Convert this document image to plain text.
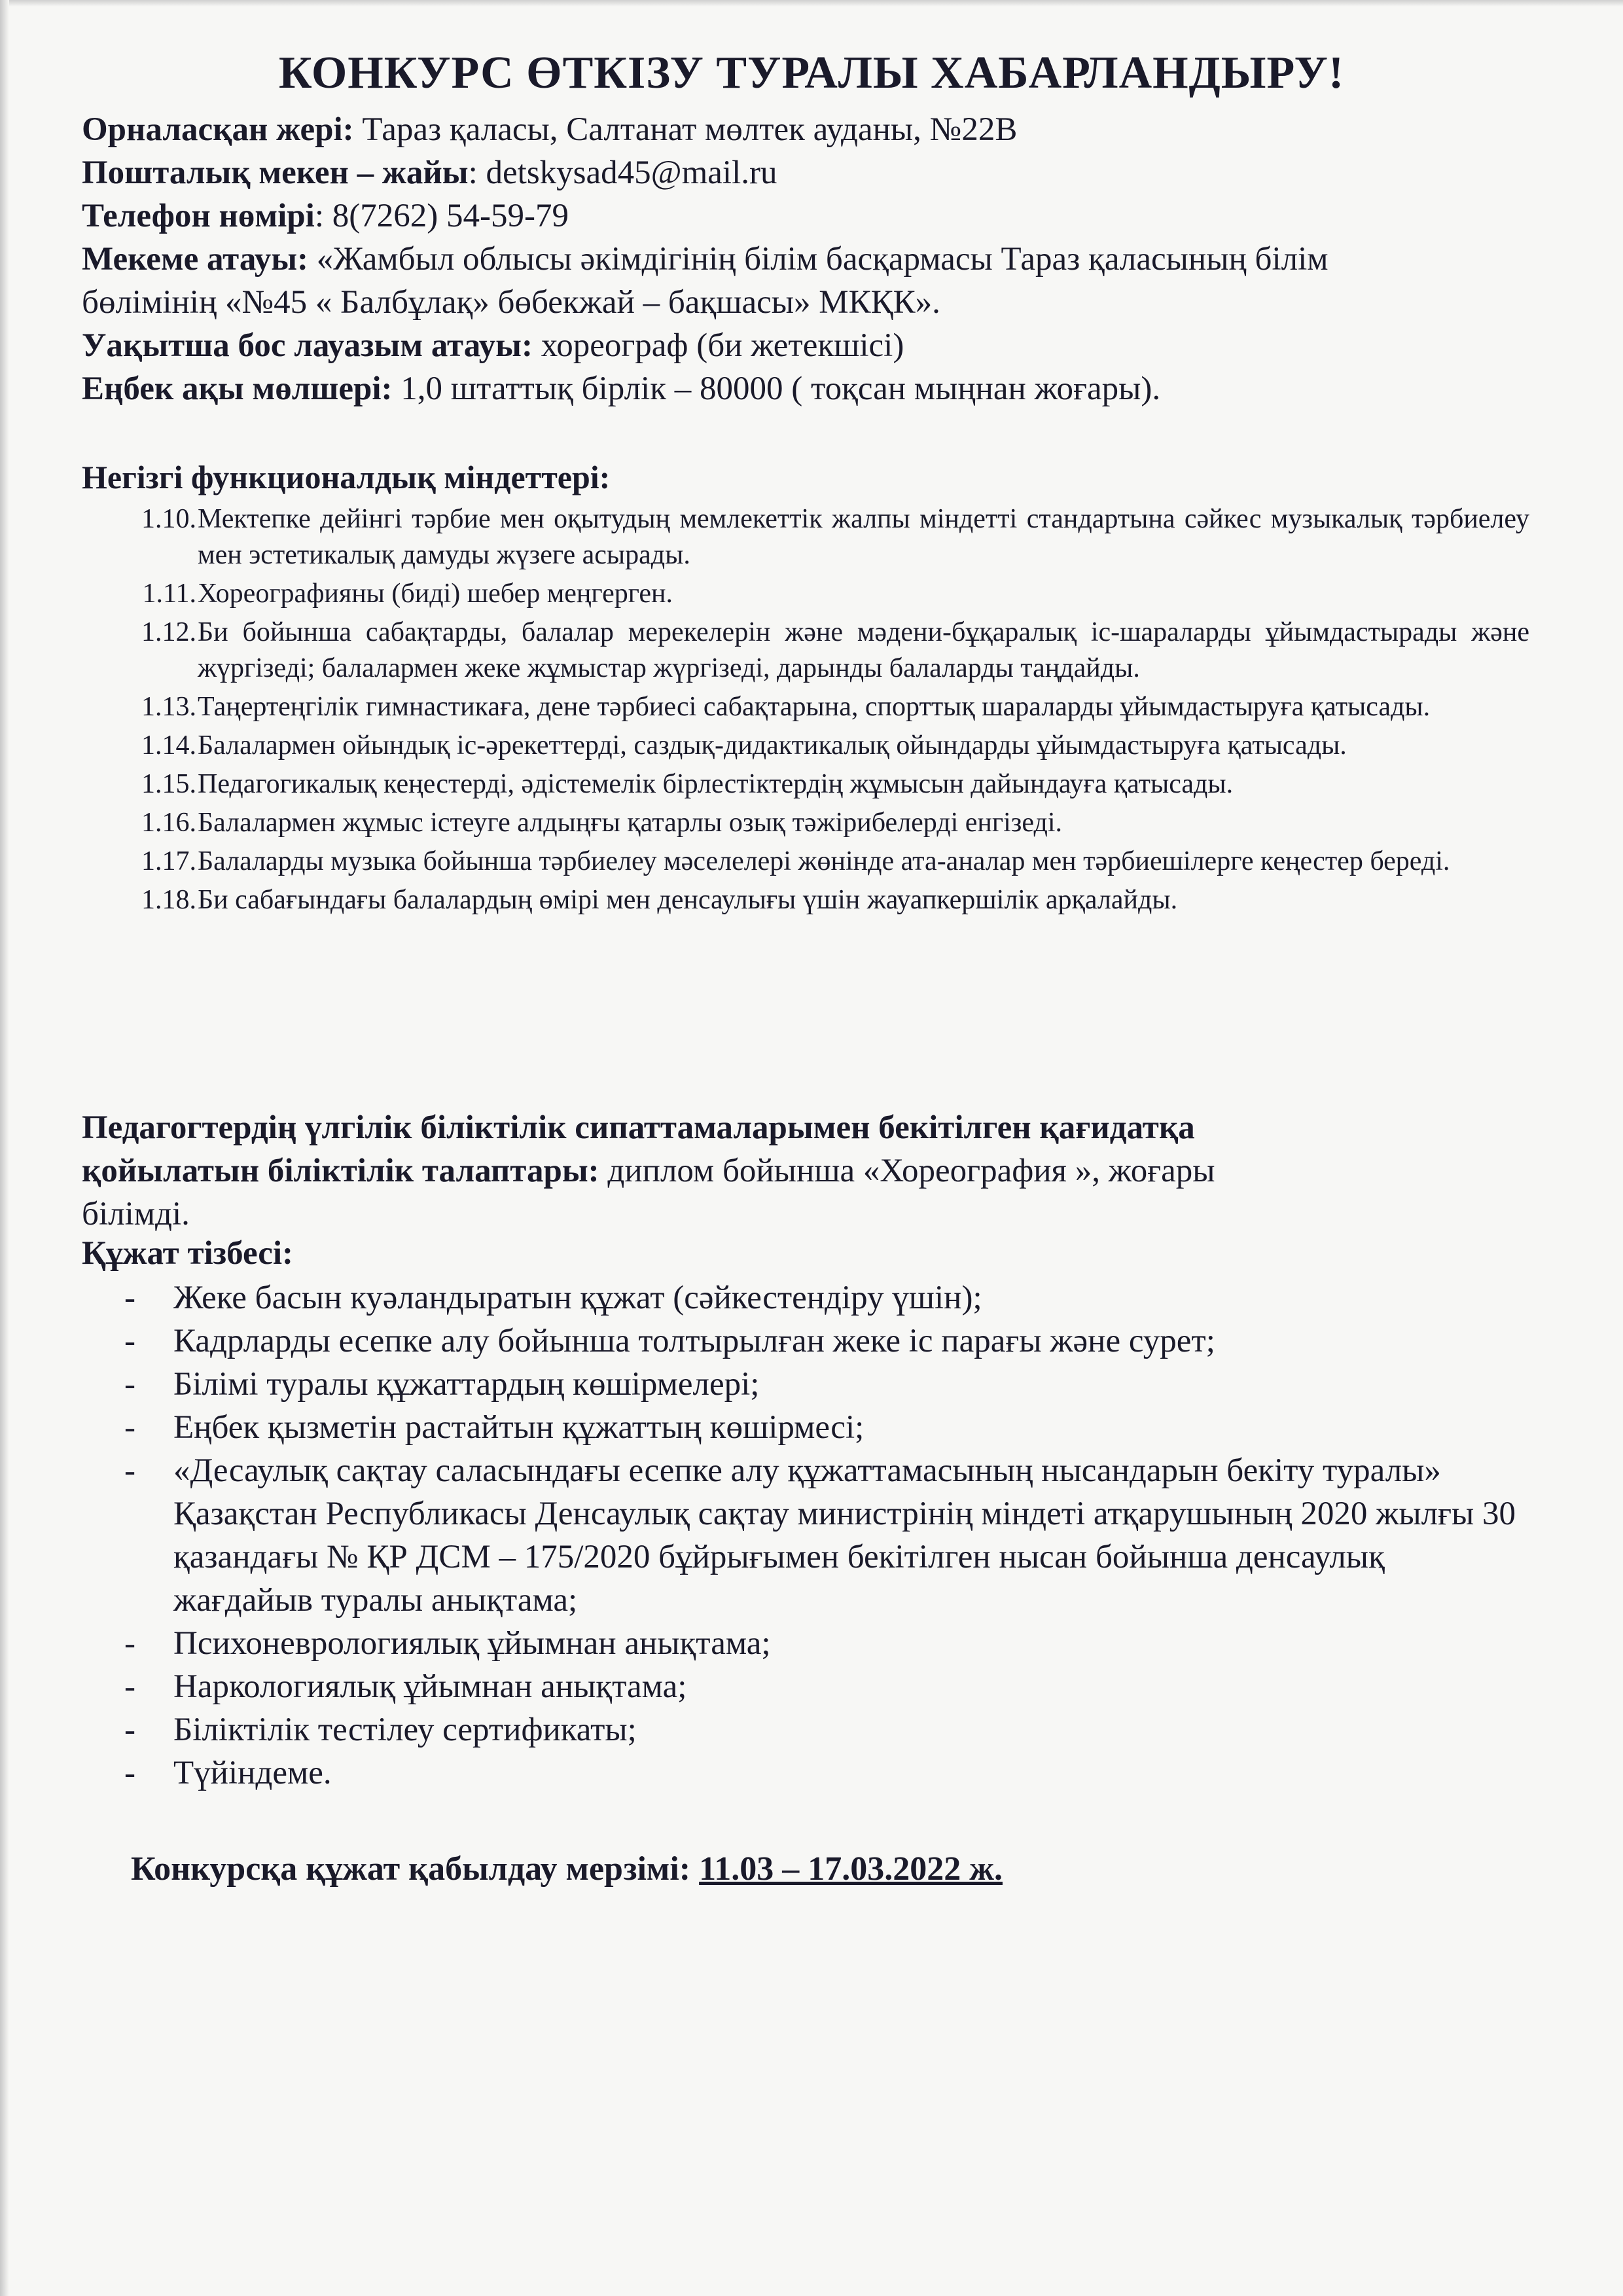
КОНКУРС ӨТКІЗУ ТУРАЛЫ ХАБАРЛАНДЫРУ!
Орналасқан жері: Тараз қаласы, Салтанат мөлтек ауданы, №22В
Пошталық мекен – жайы: detskysad45@mail.ru
Телефон нөмірі: 8(7262) 54-59-79
Мекеме атауы: «Жамбыл облысы әкімдігінің білім басқармасы Тараз қаласының білім
бөлімінің «№45 « Балбұлақ» бөбекжай – бақшасы» МКҚК».
Уақытша бос лауазым атауы: хореограф (би жетекшісі)
Еңбек ақы мөлшері: 1,0 штаттық бірлік – 80000 ( тоқсан мыңнан жоғары).
Негізгі функционалдық міндеттері:
1.10. Мектепке дейінгі тәрбие мен оқытудың мемлекеттік жалпы міндетті стандартына сәйкес музыкалық тәрбиелеу мен эстетикалық дамуды жүзеге асырады.
1.11. Хореографияны (биді) шебер меңгерген.
1.12. Би бойынша сабақтарды, балалар мерекелерін және мәдени-бұқаралық іс-шараларды ұйымдастырады және жүргізеді; балалармен жеке жұмыстар жүргізеді, дарынды балаларды таңдайды.
1.13. Таңертеңгілік гимнастикаға, дене тәрбиесі сабақтарына, спорттық шараларды ұйымдастыруға қатысады.
1.14. Балалармен ойындық іс-әрекеттерді, саздық-дидактикалық ойындарды ұйымдастыруға қатысады.
1.15. Педагогикалық кеңестерді, әдістемелік бірлестіктердің жұмысын дайындауға қатысады.
1.16. Балалармен жұмыс істеуге алдыңғы қатарлы озық тәжірибелерді енгізеді.
1.17. Балаларды музыка бойынша тәрбиелеу мәселелері жөнінде ата-аналар мен тәрбиешілерге кеңестер береді.
1.18. Би сабағындағы балалардың өмірі мен денсаулығы үшін жауапкершілік арқалайды.
Педагогтердің үлгілік біліктілік сипаттамаларымен бекітілген қағидатқа
қойылатын біліктілік талаптары: диплом бойынша «Хореография », жоғары
білімді.
Құжат тізбесі:
-	Жеке басын куәландыратын құжат (сәйкестендіру үшін);
-	Кадрларды есепке алу бойынша толтырылған жеке іс парағы және сурет;
-	Білімі туралы құжаттардың көшірмелері;
-	Еңбек қызметін растайтын құжаттың көшірмесі;
-	«Десаулық сақтау саласындағы есепке алу құжаттамасының нысандарын бекіту туралы» Қазақстан Республикасы Денсаулық сақтау министрінің міндеті атқарушының 2020 жылғы 30 қазандағы № ҚР ДСМ – 175/2020 бұйрығымен бекітілген нысан бойынша денсаулық жағдайыв туралы анықтама;
-	Психоневрологиялық ұйымнан анықтама;
-	Наркологиялық ұйымнан анықтама;
-	Біліктілік тестілеу сертификаты;
-	Түйіндеме.
Конкурсқа құжат қабылдау мерзімі: 11.03 – 17.03.2022 ж.
